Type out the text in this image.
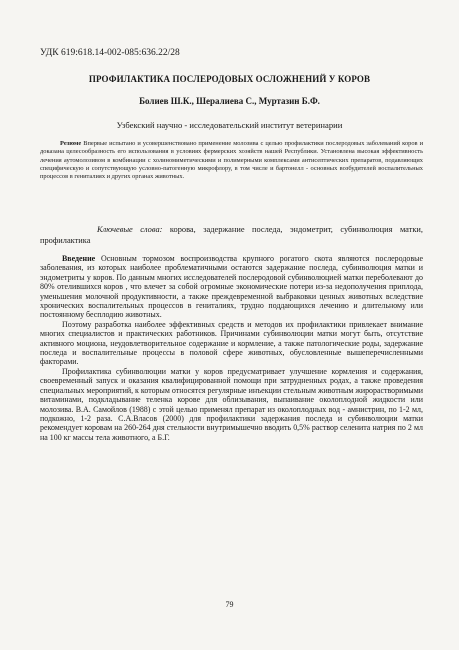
УДК 619:618.14-002-085:636.22/28
ПРОФИЛАКТИКА ПОСЛЕРОДОВЫХ ОСЛОЖНЕНИЙ У КОРОВ
Болиев Ш.К., Шералиева С., Муртазин Б.Ф.
Узбекский научно - исследовательский институт ветеринарии
Резюме Впервые испытано и усовершенствовано применение молозива с целью профилактики послеродовых заболеваний коров и доказана целесообразность его использования в условиях фермерских хозяйств нашей Республики. Установлена высокая эффективность лечения аутомолозивом в комбинации с холиномиметическими и полимерными комплексами антисептических препаратов, подавляющих специфическую и сопутствующую условно-патогенную микрофлору, в том числе и бартонелл - основных возбудителей воспалительных процессов в гениталиях и других органах животных.
Ключевые слова: корова, задержание последа, эндометрит, субинволюция матки, профилактика

Введение Основным тормозом воспроизводства крупного рогатого скота являются послеродовые заболевания, из которых наиболее проблематичными остаются задержание последа, субинволюция матки и эндометриты у коров. По данным многих исследователей послеродовой субинволюцией матки переболевают до 80% отелившихся коров , что влечет за собой огромные экономические потери из-за недополучения приплода, уменьшения молочной продуктивности, а также преждевременной выбраковки ценных животных вследствие хронических воспалительных процессов в гениталиях, трудно поддающихся лечению и длительному или постоянному бесплодию животных.

Поэтому разработка наиболее эффективных средств и методов их профилактики привлекает внимание многих специалистов и практических работников. Причинами субинволюции матки могут быть, отсутствие активного моциона, неудовлетворительное содержание и кормление, а также патологические роды, задержание последа и воспалительные процессы в половой сфере животных, обусловленные вышеперечисленными факторами.

Профилактика субинволюции матки у коров предусматривает улучшение кормления и содержания, своевременный запуск и оказания квалифицированной помощи при затрудненных родах, а также проведения специальных мероприятий, к которым относятся регулярные инъекции стельным животным жирорастворимыми витаминами, подкладывание теленка корове для облизывания, выпаивание околоплодной жидкости или молозива. В.А. Самойлов (1988) с этой целью применял препарат из околоплодных вод - амнистрин, по 1-2 мл, подкожно, 1-2 раза. С.А.Власов (2000) для профилактики задержания последа и субинволюции матки рекомендует коровам на 260-264 дня стельности внутримышечно вводить 0,5% раствор селенита натрия по 2 мл на 100 кг массы тела животного, а Б.Г.

79
